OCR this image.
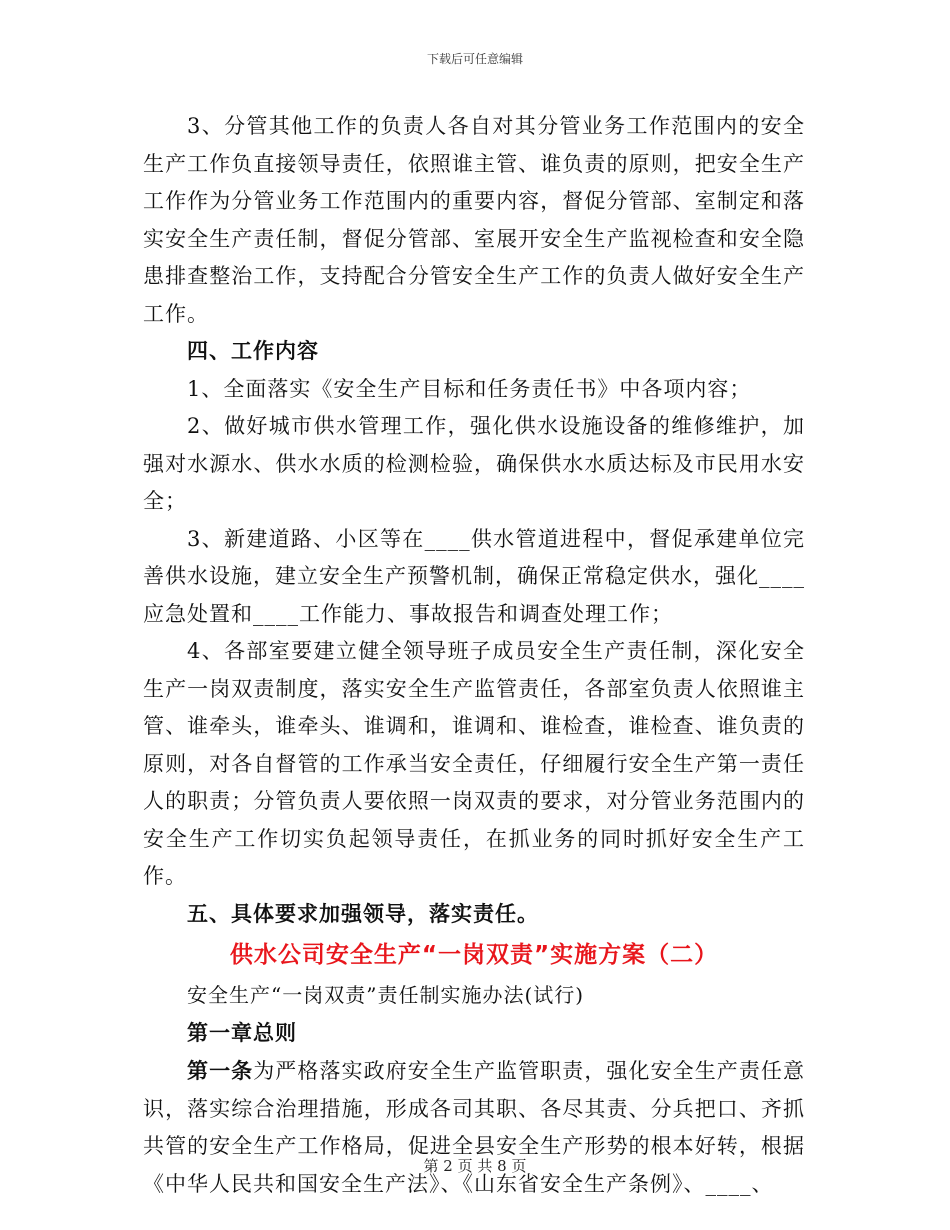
下载后可任意编辑

3、分管其他工作的负责人各自对其分管业务工作范围内的安全生产工作负直接领导责任，依照谁主管、谁负责的原则，把安全生产工作作为分管业务工作范围内的重要内容，督促分管部、室制定和落实安全生产责任制，督促分管部、室展开安全生产监视检查和安全隐患排查整治工作，支持配合分管安全生产工作的负责人做好安全生产工作。

四、工作内容

1、全面落实《安全生产目标和任务责任书》中各项内容；

2、做好城市供水管理工作，强化供水设施设备的维修维护，加强对水源水、供水水质的检测检验，确保供水水质达标及市民用水安全；

3、新建道路、小区等在____供水管道进程中，督促承建单位完善供水设施，建立安全生产预警机制，确保正常稳定供水，强化____应急处置和____工作能力、事故报告和调查处理工作；

4、各部室要建立健全领导班子成员安全生产责任制，深化安全生产一岗双责制度，落实安全生产监管责任，各部室负责人依照谁主管、谁牵头，谁牵头、谁调和，谁调和、谁检查，谁检查、谁负责的原则，对各自督管的工作承当安全责任，仔细履行安全生产第一责任人的职责；分管负责人要依照一岗双责的要求，对分管业务范围内的安全生产工作切实负起领导责任，在抓业务的同时抓好安全生产工作。

五、具体要求加强领导，落实责任。

供水公司安全生产“一岗双责”实施方案（二）

安全生产“一岗双责”责任制实施办法(试行)

第一章总则

第一条为严格落实政府安全生产监管职责，强化安全生产责任意识，落实综合治理措施，形成各司其职、各尽其责、分兵把口、齐抓共管的安全生产工作格局，促进全县安全生产形势的根本好转，根据《中华人民共和国安全生产法》、《山东省安全生产条例》、____、

第 2 页 共 8 页
